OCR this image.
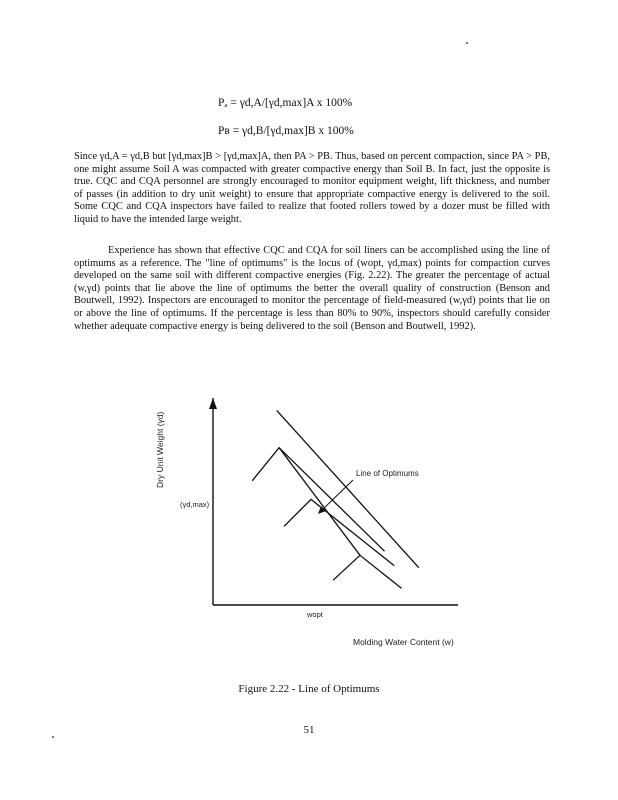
Pₐ = γd,A/[γd,max]A x 100%
Pʙ = γd,B/[γd,max]B x 100%

Since γd,A = γd,B but [γd,max]B > [γd,max]A, then PA > PB. Thus, based on percent compaction, since PA > PB, one might assume Soil A was compacted with greater compactive energy than Soil B. In fact, just the opposite is true. CQC and CQA personnel are strongly encouraged to monitor equipment weight, lift thickness, and number of passes (in addition to dry unit weight) to ensure that appropriate compactive energy is delivered to the soil. Some CQC and CQA inspectors have failed to realize that footed rollers towed by a dozer must be filled with liquid to have the intended large weight.

Experience has shown that effective CQC and CQA for soil liners can be accomplished using the line of optimums as a reference. The "line of optimums" is the locus of (wopt, γd,max) points for compaction curves developed on the same soil with different compactive energies (Fig. 2.22). The greater the percentage of actual (w,γd) points that lie above the line of optimums the better the overall quality of construction (Benson and Boutwell, 1992). Inspectors are encouraged to monitor the percentage of field-measured (w,γd) points that lie on or above the line of optimums. If the percentage is less than 80% to 90%, inspectors should carefully consider whether adequate compactive energy is being delivered to the soil (Benson and Boutwell, 1992).

Dry Unit Weight (γd)
Molding Water Content (w)
(γd,max)
wopt
Line of Optimums
Figure 2.22 - Line of Optimums
51
